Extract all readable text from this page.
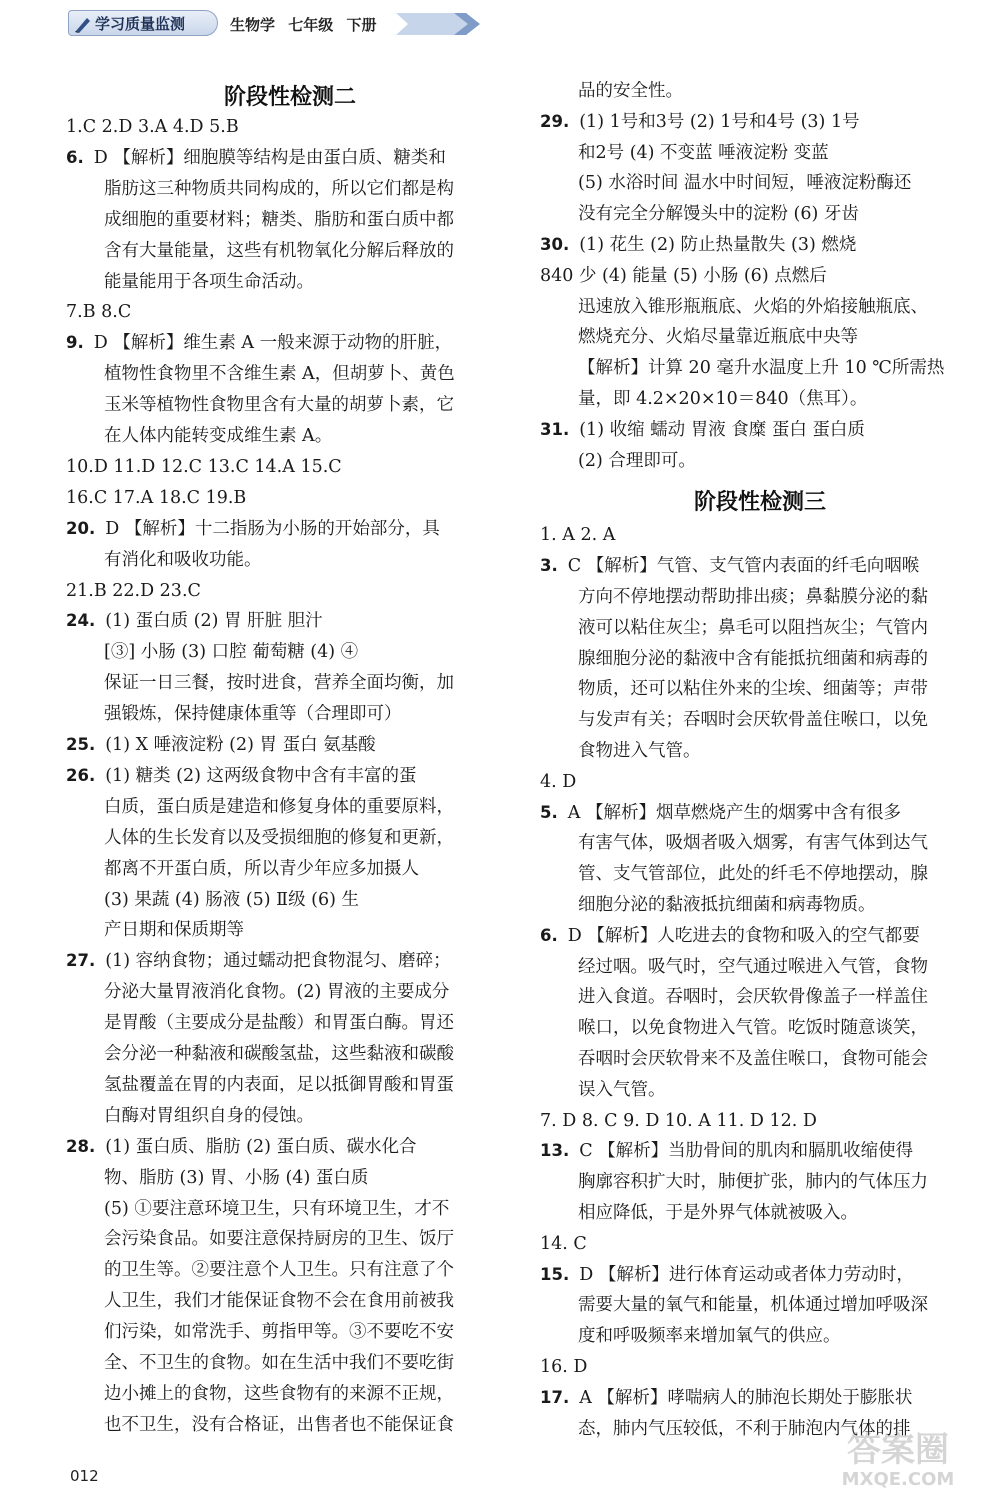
学习质量监测	生物学 七年级 下册
阶段性检测二
1.C 2.D 3.A 4.D 5.B
6. D 【解析】细胞膜等结构是由蛋白质、糖类和
脂肪这三种物质共同构成的，所以它们都是构
成细胞的重要材料；糖类、脂肪和蛋白质中都
含有大量能量，这些有机物氧化分解后释放的
能量能用于各项生命活动。
7.B 8.C
9. D 【解析】维生素 A 一般来源于动物的肝脏，
植物性食物里不含维生素 A，但胡萝卜、黄色
玉米等植物性食物里含有大量的胡萝卜素，它
在人体内能转变成维生素 A。
10.D 11.D 12.C 13.C 14.A 15.C
16.C 17.A 18.C 19.B
20. D 【解析】十二指肠为小肠的开始部分，具
有消化和吸收功能。
21.B 22.D 23.C
24. (1) 蛋白质 (2) 胃 肝脏 胆汁
[③] 小肠 (3) 口腔 葡萄糖 (4) ④
保证一日三餐，按时进食，营养全面均衡，加
强锻炼，保持健康体重等（合理即可）
25. (1) X 唾液淀粉 (2) 胃 蛋白 氨基酸
26. (1) 糖类 (2) 这两级食物中含有丰富的蛋
白质，蛋白质是建造和修复身体的重要原料，
人体的生长发育以及受损细胞的修复和更新，
都离不开蛋白质，所以青少年应多加摄人
(3) 果蔬 (4) 肠液 (5) Ⅱ级 (6) 生
产日期和保质期等
27. (1) 容纳食物；通过蠕动把食物混匀、磨碎；
分泌大量胃液消化食物。(2) 胃液的主要成分
是胃酸（主要成分是盐酸）和胃蛋白酶。胃还
会分泌一种黏液和碳酸氢盐，这些黏液和碳酸
氢盐覆盖在胃的内表面，足以抵御胃酸和胃蛋
白酶对胃组织自身的侵蚀。
28. (1) 蛋白质、脂肪 (2) 蛋白质、碳水化合
物、脂肪 (3) 胃、小肠 (4) 蛋白质
(5) ①要注意环境卫生，只有环境卫生，才不
会污染食品。如要注意保持厨房的卫生、饭厅
的卫生等。②要注意个人卫生。只有注意了个
人卫生，我们才能保证食物不会在食用前被我
们污染，如常洗手、剪指甲等。③不要吃不安
全、不卫生的食物。如在生活中我们不要吃街
边小摊上的食物，这些食物有的来源不正规，
也不卫生，没有合格证，出售者也不能保证食
阶段性检测三
品的安全性。
29. (1) 1号和3号 (2) 1号和4号 (3) 1号
和2号 (4) 不变蓝 唾液淀粉 变蓝
(5) 水浴时间 温水中时间短，唾液淀粉酶还
没有完全分解馒头中的淀粉 (6) 牙齿
30. (1) 花生 (2) 防止热量散失 (3) 燃烧
840 少 (4) 能量 (5) 小肠 (6) 点燃后
迅速放入锥形瓶瓶底、火焰的外焰接触瓶底、
燃烧充分、火焰尽量靠近瓶底中央等
【解析】计算 20 毫升水温度上升 10 ℃所需热
量，即 4.2×20×10＝840（焦耳）。
31. (1) 收缩 蠕动 胃液 食糜 蛋白 蛋白质
(2) 合理即可。
1. A 2. A
3. C 【解析】气管、支气管内表面的纤毛向咽喉
方向不停地摆动帮助排出痰；鼻黏膜分泌的黏
液可以粘住灰尘；鼻毛可以阻挡灰尘；气管内
腺细胞分泌的黏液中含有能抵抗细菌和病毒的
物质，还可以粘住外来的尘埃、细菌等；声带
与发声有关；吞咽时会厌软骨盖住喉口，以免
食物进入气管。
4. D
5. A 【解析】烟草燃烧产生的烟雾中含有很多
有害气体，吸烟者吸入烟雾，有害气体到达气
管、支气管部位，此处的纤毛不停地摆动，腺
细胞分泌的黏液抵抗细菌和病毒物质。
6. D 【解析】人吃进去的食物和吸入的空气都要
经过咽。吸气时，空气通过喉进入气管，食物
进入食道。吞咽时，会厌软骨像盖子一样盖住
喉口，以免食物进入气管。吃饭时随意谈笑，
吞咽时会厌软骨来不及盖住喉口，食物可能会
误入气管。
7. D 8. C 9. D 10. A 11. D 12. D
13. C 【解析】当肋骨间的肌肉和膈肌收缩使得
胸廓容积扩大时，肺便扩张，肺内的气体压力
相应降低，于是外界气体就被吸入。
14. C
15. D 【解析】进行体育运动或者体力劳动时，
需要大量的氧气和能量，机体通过增加呼吸深
度和呼吸频率来增加氧气的供应。
16. D
17. A 【解析】哮喘病人的肺泡长期处于膨胀状
态，肺内气压较低，不利于肺泡内气体的排
012
答案圈
MXQE.COM
